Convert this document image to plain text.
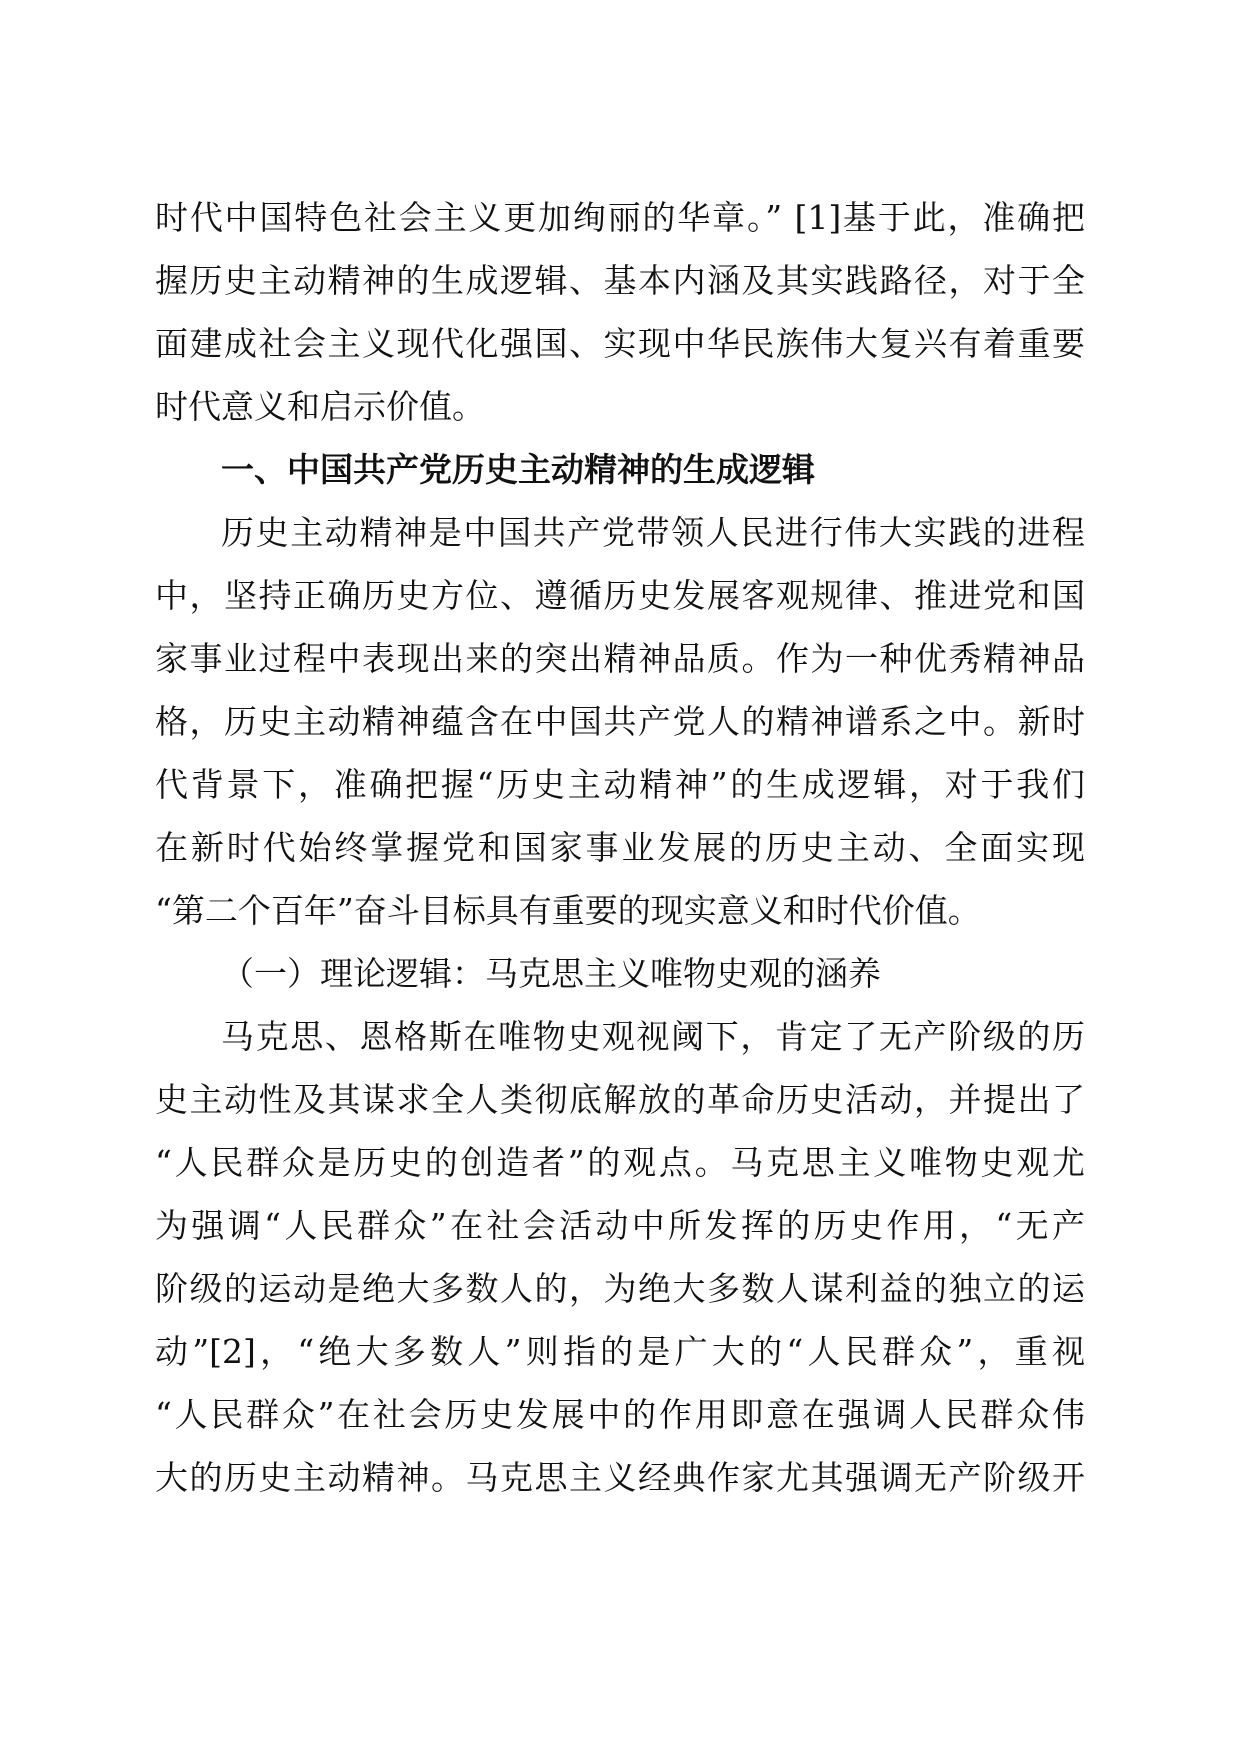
时代中国特色社会主义更加绚丽的华章。” [1]基于此，准确把
握历史主动精神的生成逻辑、基本内涵及其实践路径，对于全
面建成社会主义现代化强国、实现中华民族伟大复兴有着重要
时代意义和启示价值。
一、中国共产党历史主动精神的生成逻辑
历史主动精神是中国共产党带领人民进行伟大实践的进程
中，坚持正确历史方位、遵循历史发展客观规律、推进党和国
家事业过程中表现出来的突出精神品质。作为一种优秀精神品
格，历史主动精神蕴含在中国共产党人的精神谱系之中。新时
代背景下，准确把握“历史主动精神”的生成逻辑，对于我们
在新时代始终掌握党和国家事业发展的历史主动、全面实现
“第二个百年”奋斗目标具有重要的现实意义和时代价值。
（一）理论逻辑：马克思主义唯物史观的涵养
马克思、恩格斯在唯物史观视阈下，肯定了无产阶级的历
史主动性及其谋求全人类彻底解放的革命历史活动，并提出了
“人民群众是历史的创造者”的观点。马克思主义唯物史观尤
为强调“人民群众”在社会活动中所发挥的历史作用，“无产
阶级的运动是绝大多数人的，为绝大多数人谋利益的独立的运
动”[2]，“绝大多数人”则指的是广大的“人民群众”，重视
“人民群众”在社会历史发展中的作用即意在强调人民群众伟
大的历史主动精神。马克思主义经典作家尤其强调无产阶级开
